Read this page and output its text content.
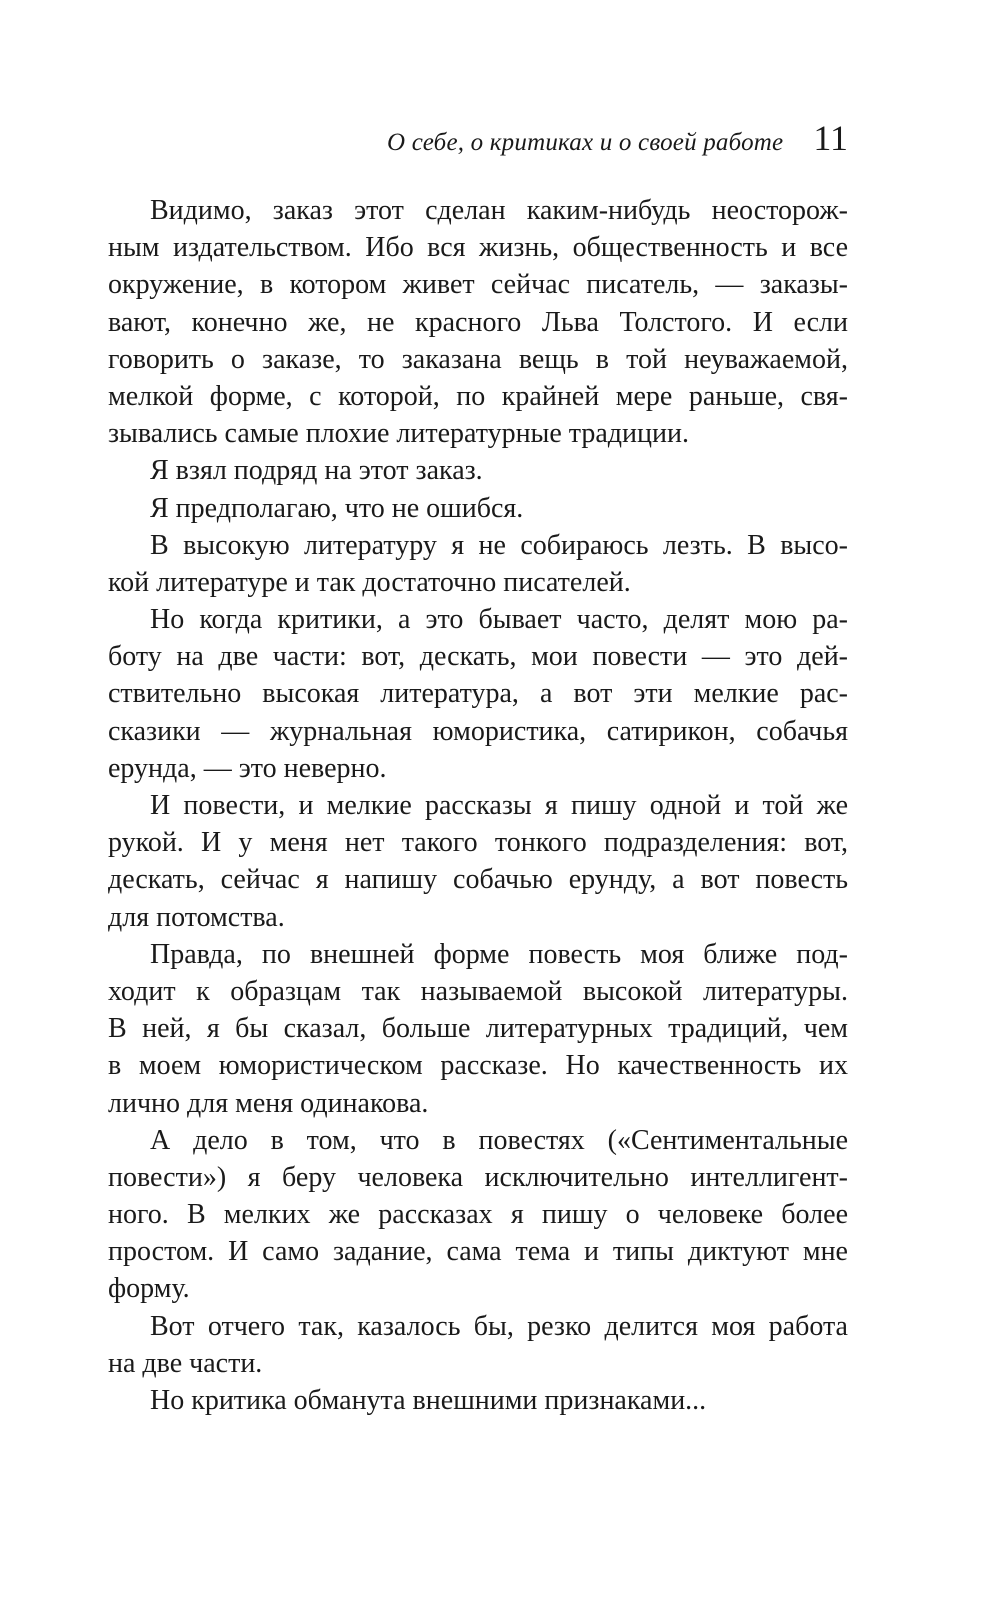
О себе, о критиках и о своей работе 11
Видимо, заказ этот сделан каким-нибудь неосторож-
ным издательством. Ибо вся жизнь, общественность и все
окружение, в котором живет сейчас писатель, — заказы-
вают, конечно же, не красного Льва Толстого. И если
говорить о заказе, то заказана вещь в той неуважаемой,
мелкой форме, с которой, по крайней мере раньше, свя-
зывались самые плохие литературные традиции.
Я взял подряд на этот заказ.
Я предполагаю, что не ошибся.
В высокую литературу я не собираюсь лезть. В высо-
кой литературе и так достаточно писателей.
Но когда критики, а это бывает часто, делят мою ра-
боту на две части: вот, дескать, мои повести — это дей-
ствительно высокая литература, а вот эти мелкие рас-
сказики — журнальная юмористика, сатирикон, собачья
ерунда, — это неверно.
И повести, и мелкие рассказы я пишу одной и той же
рукой. И у меня нет такого тонкого подразделения: вот,
дескать, сейчас я напишу собачью ерунду, а вот повесть
для потомства.
Правда, по внешней форме повесть моя ближе под-
ходит к образцам так называемой высокой литературы.
В ней, я бы сказал, больше литературных традиций, чем
в моем юмористическом рассказе. Но качественность их
лично для меня одинакова.
А дело в том, что в повестях («Сентиментальные
повести») я беру человека исключительно интеллигент-
ного. В мелких же рассказах я пишу о человеке более
простом. И само задание, сама тема и типы диктуют мне
форму.
Вот отчего так, казалось бы, резко делится моя работа
на две части.
Но критика обманута внешними признаками...
